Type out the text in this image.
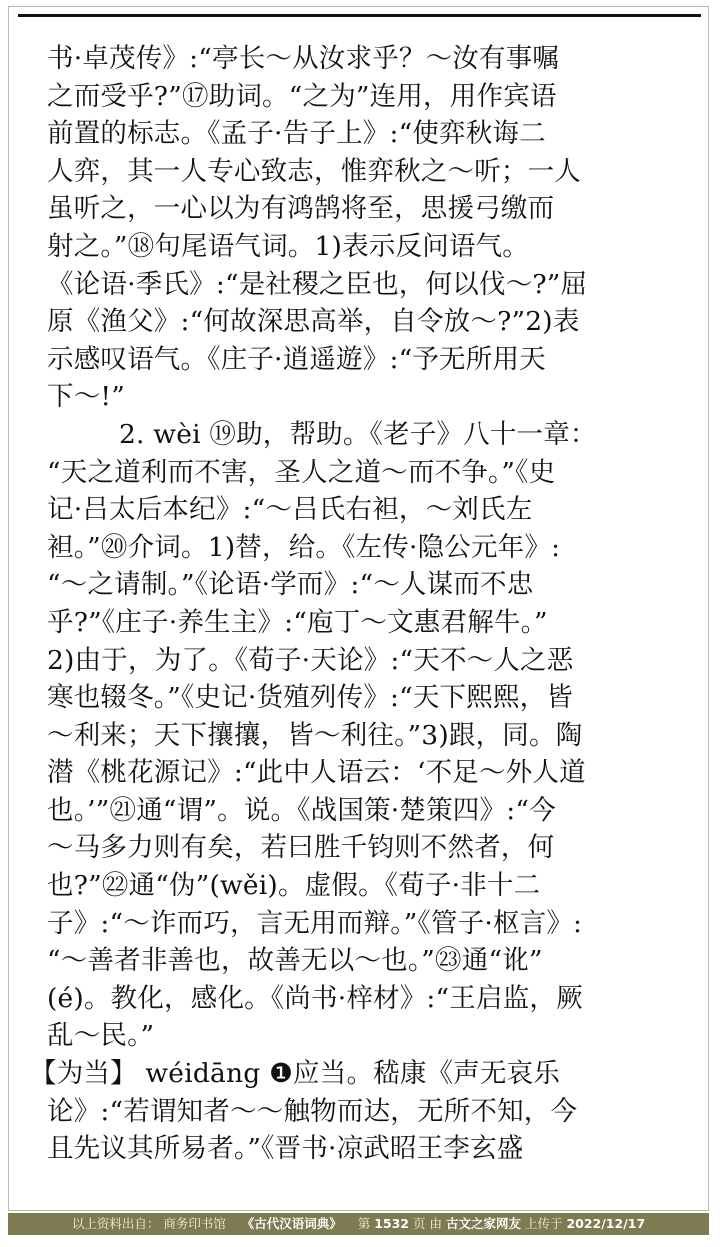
书·卓茂传》:“亭长～从汝求乎？～汝有事嘱
之而受乎?”⑰助词。“之为”连用，用作宾语
前置的标志。《孟子·告子上》:“使弈秋诲二
人弈，其一人专心致志，惟弈秋之～听；一人
虽听之，一心以为有鸿鹄将至，思援弓缴而
射之。”⑱句尾语气词。1)表示反问语气。
《论语·季氏》:“是社稷之臣也，何以伐～?”屈
原《渔父》:“何故深思高举，自令放～?”2)表
示感叹语气。《庄子·逍遥遊》:“予无所用天
下～!”
2. wèi ⑲助，帮助。《老子》八十一章：
“天之道利而不害，圣人之道～而不争。”《史
记·吕太后本纪》:“～吕氏右袒，～刘氏左
袒。”⑳介词。1)替，给。《左传·隐公元年》:
“～之请制。”《论语·学而》:“～人谋而不忠
乎?”《庄子·养生主》:“庖丁～文惠君解牛。”
2)由于，为了。《荀子·天论》:“天不～人之恶
寒也辍冬。”《史记·货殖列传》:“天下熙熙，皆
～利来；天下攘攘，皆～利往。”3)跟，同。陶
潜《桃花源记》:“此中人语云：‘不足～外人道
也。’”㉑通“谓”。说。《战国策·楚策四》:“今
～马多力则有矣，若曰胜千钧则不然者，何
也?”㉒通“伪”(wěi)。虚假。《荀子·非十二
子》:“～诈而巧，言无用而辩。”《管子·枢言》:
“～善者非善也，故善无以～也。”㉓通“讹”
(é)。教化，感化。《尚书·梓材》:“王启监，厥
乱～民。”
【为当】 wéidāng ❶应当。嵇康《声无哀乐
论》:“若谓知者～～触物而达，无所不知，今
且先议其所易者。”《晋书·凉武昭王李玄盛
以上资料出自： 商务印书馆 《古代汉语词典》 第 1532 页 由 古文之家网友 上传于 2022/12/17
